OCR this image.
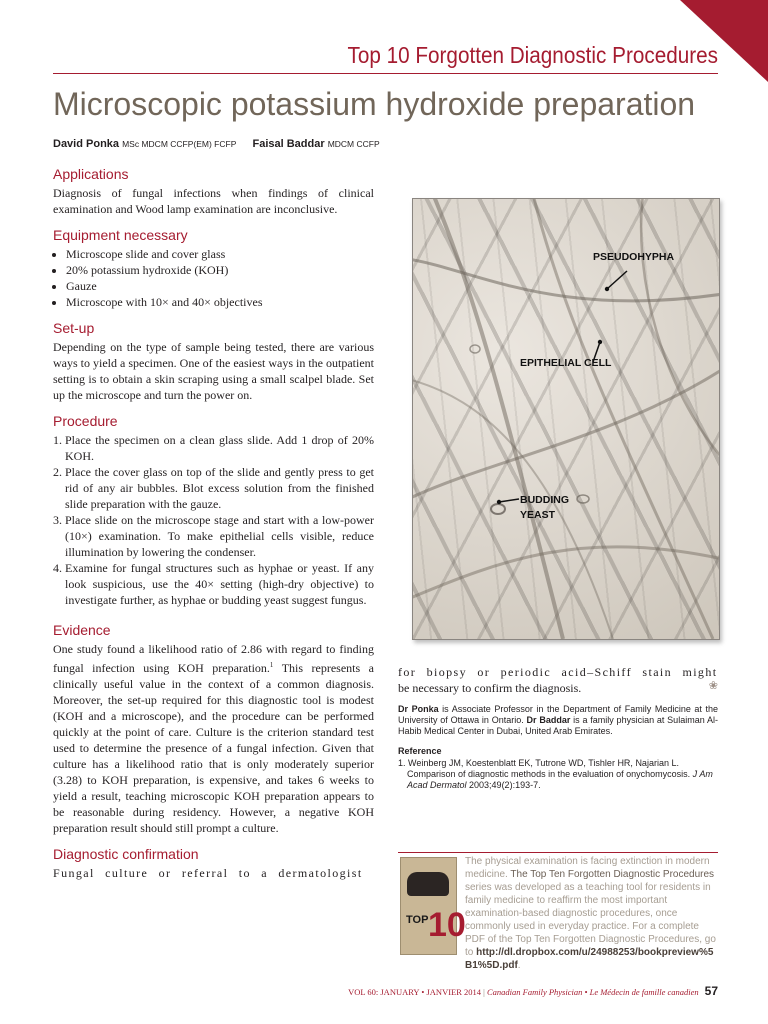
Top 10 Forgotten Diagnostic Procedures
Microscopic potassium hydroxide preparation
David Ponka MSc MDCM CCFP(EM) FCFP Faisal Baddar MDCM CCFP
Applications

Diagnosis of fungal infections when findings of clinical examination and Wood lamp examination are inconclusive.

Equipment necessary
• Microscope slide and cover glass
• 20% potassium hydroxide (KOH)
• Gauze
• Microscope with 10× and 40× objectives
Set-up

Depending on the type of sample being tested, there are various ways to yield a specimen. One of the easiest ways in the outpatient setting is to obtain a skin scraping using a small scalpel blade. Set up the microscope and turn the power on.

Procedure
1. Place the specimen on a clean glass slide. Add 1 drop of 20% KOH.
2. Place the cover glass on top of the slide and gently press to get rid of any air bubbles. Blot excess solution from the finished slide preparation with the gauze.
3. Place slide on the microscope stage and start with a low-power (10×) examination. To make epithelial cells visible, reduce illumination by lowering the condenser.
4. Examine for fungal structures such as hyphae or yeast. If any look suspicious, use the 40× setting (high-dry objective) to investigate further, as hyphae or budding yeast suggest fungus.
Evidence

One study found a likelihood ratio of 2.86 with regard to finding fungal infection using KOH preparation.$^1$ This represents a clinically useful value in the context of a common diagnosis. Moreover, the set-up required for this diagnostic tool is modest (KOH and a microscope), and the procedure can be performed quickly at the point of care. Culture is the criterion standard test used to determine the presence of a fungal infection. Given that culture has a likelihood ratio that is only moderately superior (3.28) to KOH preparation, is expensive, and takes 6 weeks to yield a result, teaching microscopic KOH preparation appears to be reasonable during residency. However, a negative KOH preparation result should still prompt a culture.

Diagnostic confirmation

Fungal culture or referral to a dermatologist

PSEUDOHYPHA
EPITHELIAL CELL
BUDDING
YEAST

for biopsy or periodic acid–Schiff stain might

be necessary to confirm the diagnosis.	❀

Dr Ponka is Associate Professor in the Department of Family Medicine at the University of Ottawa in Ontario. Dr Baddar is a family physician at Sulaiman Al-Habib Medical Center in Dubai, United Arab Emirates.

Reference

1. Weinberg JM, Koestenblatt EK, Tutrone WD, Tishler HR, Najarian L. Comparison of diagnostic methods in the evaluation of onychomycosis. J Am Acad Dermatol 2003;49(2):193-7.

TOP 10
The physical examination is facing extinction in modern medicine. The Top Ten Forgotten Diagnostic Procedures series was developed as a teaching tool for residents in family medicine to reaffirm the most important examination-based diagnostic procedures, once commonly used in everyday practice. For a complete PDF of the Top Ten Forgotten Diagnostic Procedures, go to http://dl.dropbox.com/u/24988253/bookpreview%5B1%5D.pdf.
VOL 60: JANUARY • JANVIER 2014 | Canadian Family Physician • Le Médecin de famille canadien 57
